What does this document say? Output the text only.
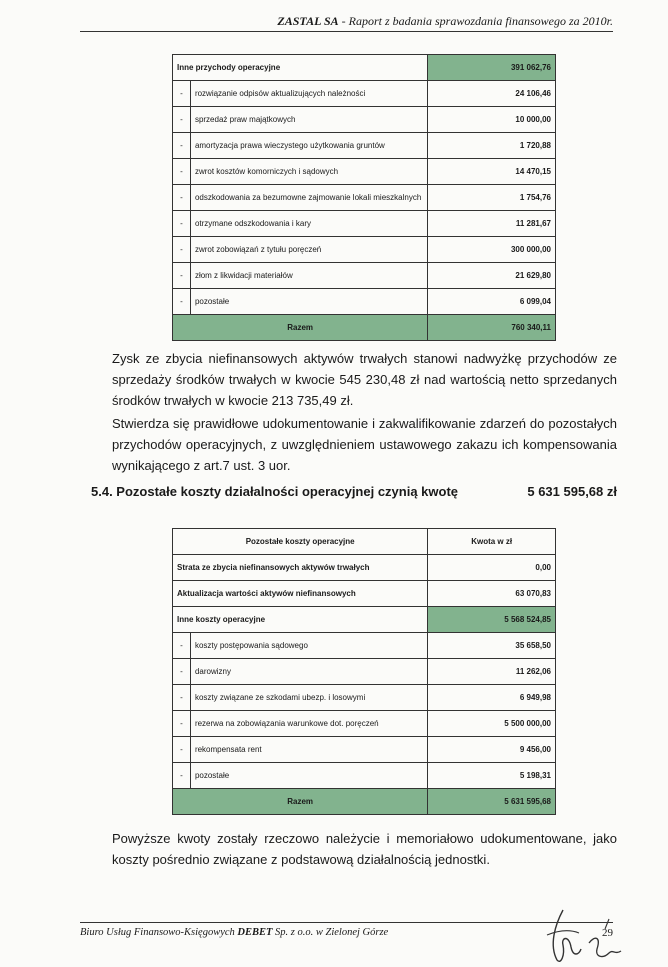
ZASTAL SA - Raport z badania sprawozdania finansowego za 2010r.
Inne przychody operacyjne		391 062,76
-	rozwiązanie odpisów aktualizujących należności	24 106,46
-	sprzedaż praw majątkowych	10 000,00
-	amortyzacja prawa wieczystego użytkowania gruntów	1 720,88
-	zwrot kosztów komorniczych i sądowych	14 470,15
-	odszkodowania za bezumowne zajmowanie lokali mieszkalnych	1 754,76
-	otrzymane odszkodowania i kary	11 281,67
-	zwrot zobowiązań z tytułu poręczeń	300 000,00
-	złom z likwidacji materiałów	21 629,80
-	pozostałe	6 099,04
Razem		760 340,11
Zysk ze zbycia niefinansowych aktywów trwałych stanowi nadwyżkę przychodów ze sprzedaży środków trwałych w kwocie 545 230,48 zł nad wartością netto sprzedanych środków trwałych w kwocie 213 735,49 zł.
Stwierdza się prawidłowe udokumentowanie i zakwalifikowanie zdarzeń do pozostałych przychodów operacyjnych, z uwzględnieniem ustawowego zakazu ich kompensowania wynikającego z art.7 ust. 3 uor.
5.4. Pozostałe koszty działalności operacyjnej czynią kwotę	5 631 595,68 zł
Pozostałe koszty operacyjne		Kwota w zł
Strata ze zbycia niefinansowych aktywów trwałych		0,00
Aktualizacja wartości aktywów niefinansowych		63 070,83
Inne koszty operacyjne		5 568 524,85
-	koszty postępowania sądowego	35 658,50
-	darowizny	11 262,06
-	koszty związane ze szkodami ubezp. i losowymi	6 949,98
-	rezerwa na zobowiązania warunkowe dot. poręczeń	5 500 000,00
-	rekompensata rent	9 456,00
-	pozostałe	5 198,31
Razem		5 631 595,68
Powyższe kwoty zostały rzeczowo należycie i memoriałowo udokumentowane, jako koszty pośrednio związane z podstawową działalnością jednostki.
Biuro Usług Finansowo-Księgowych DEBET Sp. z o.o. w Zielonej Górze	29
